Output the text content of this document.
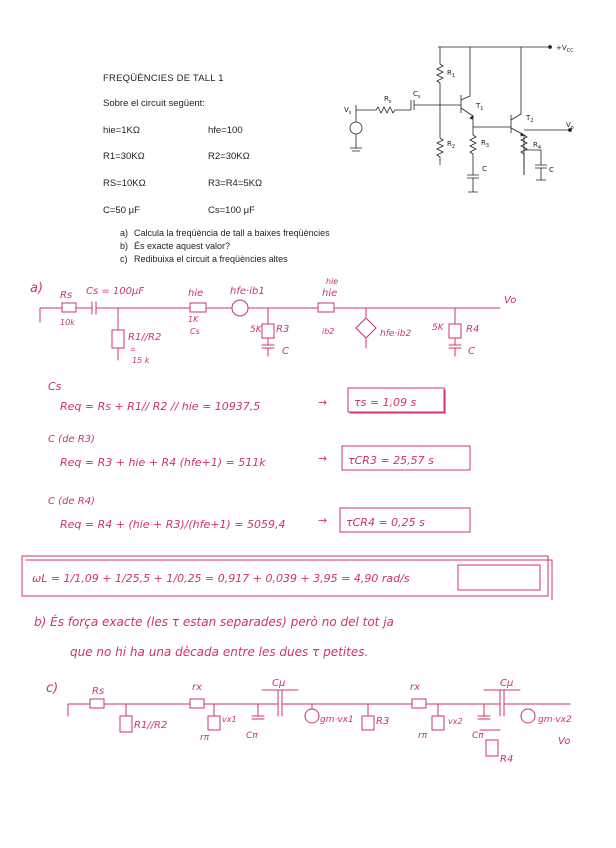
FREQÜÈNCIES DE TALL 1
Sobre el circuit següent:
hie=1KΩ	hfe=100
R1=30KΩ	R2=30KΩ
RS=10KΩ	R3=R4=5KΩ
C=50 μF	Cs=100 μF
a) Calcula la freqüència de tall a baixes freqüències
b) És exacte aquest valor?
c) Redibuixa el circuit a freqüències altes
$+V_{CC}$
$R_1$
$R_s$
$C_s$
$V_s$
$R_2$
$T_1$
$R_3$
C
$T_2$
$R_4$
C
$V_o$
a) Rs Cs = 100μF
10k
hie
1K
Cs
R1//R2
=
15 k
hfe·ib1
5K R3
C
hie
hie
ib2	hfe·ib2
5K R4
C
Vo
Cs
Req = Rs + R1// R2 // hie = 10937,5	→ τs = 1,09 s
C (de R3)
Req = R3 + hie + R4 (hfe+1) = 511k	→ τCR3 = 25,57 s
C (de R4)
Req = R4 + (hie + R3)/(hfe+1) = 5059,4	→ τCR4 = 0,25 s
ωL = 1/1,09 + 1/25,5 + 1/0,25 = 0,917 + 0,039 + 3,95 = 4,90 rad/s
b) És força exacte (les τ estan separades) però no del tot ja
que no hi ha una dècada entre les dues τ petites.
c)	Rs
R1//R2
rx
rπ
vx1
Cπ
Cμ
gm·vx1 R3
rx
rπ
vx2
Cπ
Cμ
gm·vx2
Vo
R4
